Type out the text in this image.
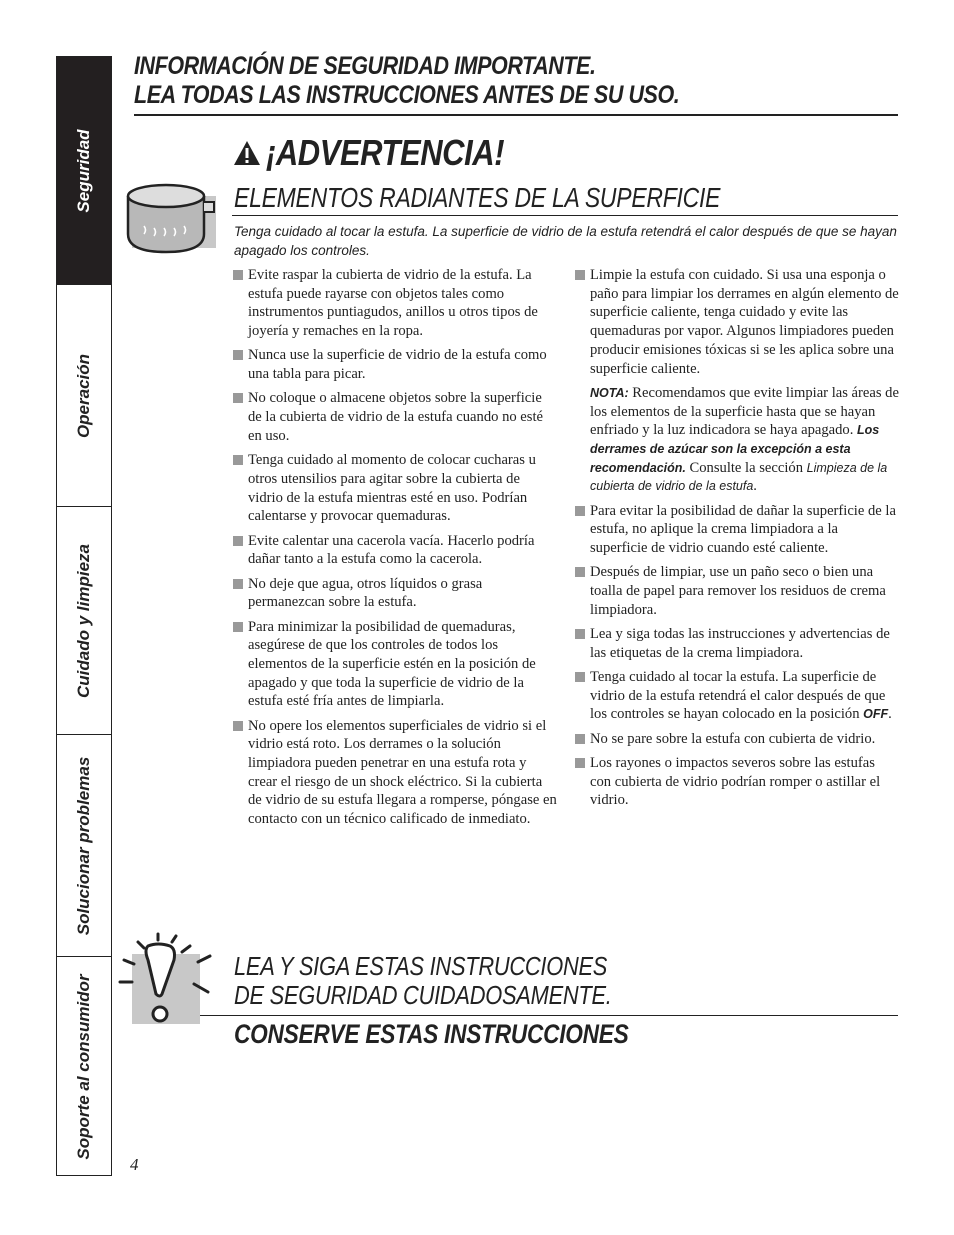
Seguridad
Operación
Cuidado y limpieza
Solucionar problemas
Soporte al consumidor
INFORMACIÓN DE SEGURIDAD IMPORTANTE.
LEA TODAS LAS INSTRUCCIONES ANTES DE SU USO.
¡ADVERTENCIA!
ELEMENTOS RADIANTES DE LA SUPERFICIE
Tenga cuidado al tocar la estufa. La superficie de vidrio de la estufa retendrá el calor después de que se hayan apagado los controles.
Evite raspar la cubierta de vidrio de la estufa. La estufa puede rayarse con objetos tales como instrumentos puntiagudos, anillos u otros tipos de joyería y remaches en la ropa.
Nunca use la superficie de vidrio de la estufa como una tabla para picar.
No coloque o almacene objetos sobre la superficie de la cubierta de vidrio de la estufa cuando no esté en uso.
Tenga cuidado al momento de colocar cucharas u otros utensilios para agitar sobre la cubierta de vidrio de la estufa mientras esté en uso. Podrían calentarse y provocar quemaduras.
Evite calentar una cacerola vacía. Hacerlo podría dañar tanto a la estufa como la cacerola.
No deje que agua, otros líquidos o grasa permanezcan sobre la estufa.
Para minimizar la posibilidad de quemaduras, asegúrese de que los controles de todos los elementos de la superficie estén en la posición de apagado y que toda la superficie de vidrio de la estufa esté fría antes de limpiarla.
No opere los elementos superficiales de vidrio si el vidrio está roto. Los derrames o la solución limpiadora pueden penetrar en una estufa rota y crear el riesgo de un shock eléctrico. Si la cubierta de vidrio de su estufa llegara a romperse, póngase en contacto con un técnico calificado de inmediato.
Limpie la estufa con cuidado. Si usa una esponja o paño para limpiar los derrames en algún elemento de superficie caliente, tenga cuidado y evite las quemaduras por vapor. Algunos limpiadores pueden producir emisiones tóxicas si se les aplica sobre una superficie caliente.
NOTA: Recomendamos que evite limpiar las áreas de los elementos de la superficie hasta que se hayan enfriado y la luz indicadora se haya apagado. Los derrames de azúcar son la excepción a esta recomendación. Consulte la sección Limpieza de la cubierta de vidrio de la estufa.
Para evitar la posibilidad de dañar la superficie de la estufa, no aplique la crema limpiadora a la superficie de vidrio cuando esté caliente.
Después de limpiar, use un paño seco o bien una toalla de papel para remover los residuos de crema limpiadora.
Lea y siga todas las instrucciones y advertencias de las etiquetas de la crema limpiadora.
Tenga cuidado al tocar la estufa. La superficie de vidrio de la estufa retendrá el calor después de que los controles se hayan colocado en la posición OFF.
No se pare sobre la estufa con cubierta de vidrio.
Los rayones o impactos severos sobre las estufas con cubierta de vidrio podrían romper o astillar el vidrio.
LEA Y SIGA ESTAS INSTRUCCIONES
DE SEGURIDAD CUIDADOSAMENTE.
CONSERVE ESTAS INSTRUCCIONES
4
